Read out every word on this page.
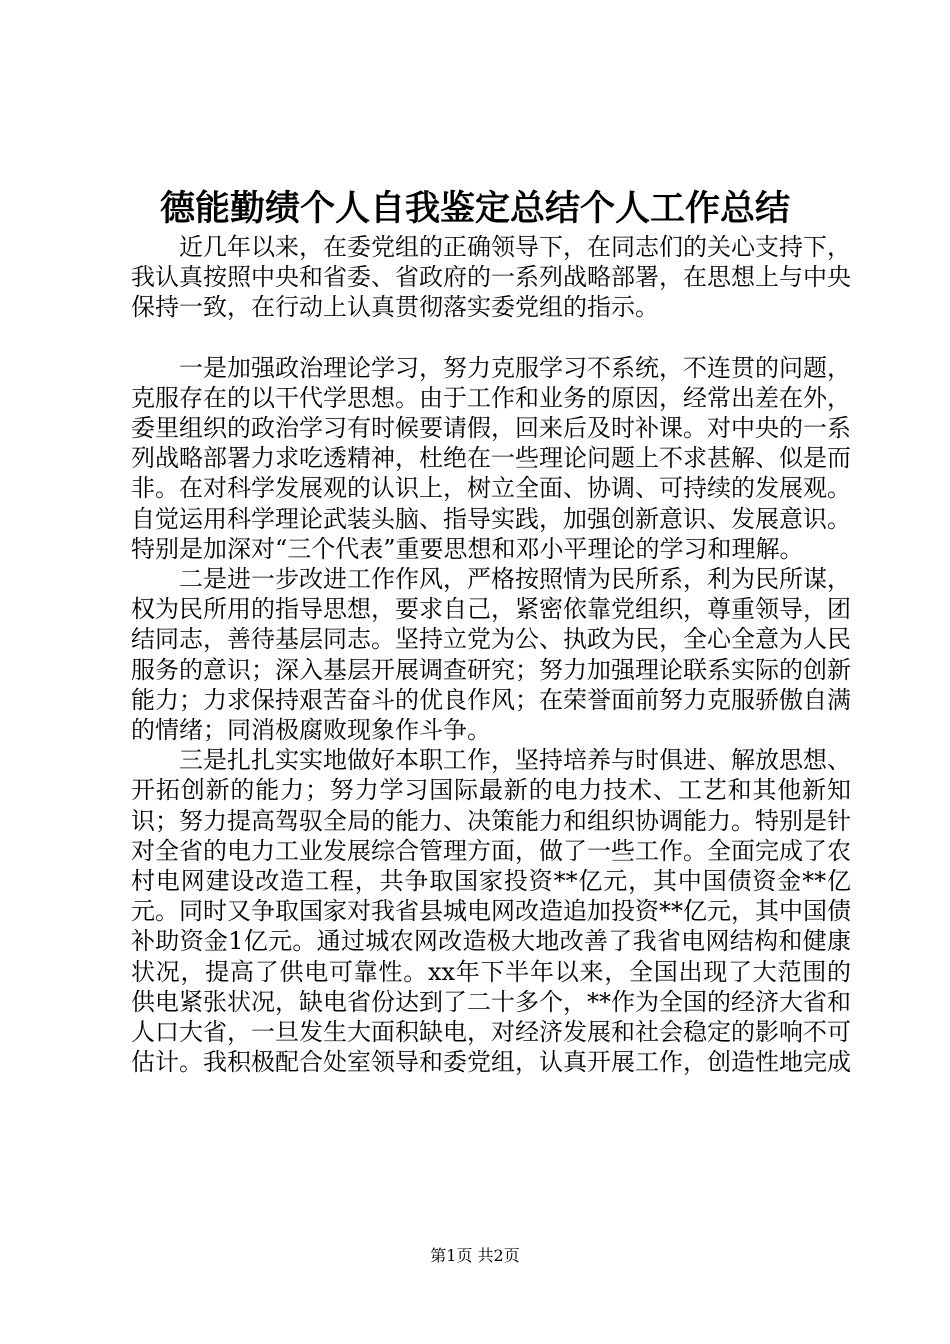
德能勤绩个人自我鉴定总结个人工作总结

近几年以来，在委党组的正确领导下，在同志们的关心支持下，我认真按照中央和省委、省政府的一系列战略部署，在思想上与中央保持一致，在行动上认真贯彻落实委党组的指示。

一是加强政治理论学习，努力克服学习不系统，不连贯的问题，克服存在的以干代学思想。由于工作和业务的原因，经常出差在外，委里组织的政治学习有时候要请假，回来后及时补课。对中央的一系列战略部署力求吃透精神，杜绝在一些理论问题上不求甚解、似是而非。在对科学发展观的认识上，树立全面、协调、可持续的发展观。自觉运用科学理论武装头脑、指导实践，加强创新意识、发展意识。特别是加深对“三个代表”重要思想和邓小平理论的学习和理解。

二是进一步改进工作作风，严格按照情为民所系，利为民所谋，权为民所用的指导思想，要求自己，紧密依靠党组织，尊重领导，团结同志，善待基层同志。坚持立党为公、执政为民，全心全意为人民服务的意识；深入基层开展调查研究；努力加强理论联系实际的创新能力；力求保持艰苦奋斗的优良作风；在荣誉面前努力克服骄傲自满的情绪；同消极腐败现象作斗争。

三是扎扎实实地做好本职工作，坚持培养与时俱进、解放思想、开拓创新的能力；努力学习国际最新的电力技术、工艺和其他新知识；努力提高驾驭全局的能力、决策能力和组织协调能力。特别是针对全省的电力工业发展综合管理方面，做了一些工作。全面完成了农村电网建设改造工程，共争取国家投资**亿元，其中国债资金**亿元。同时又争取国家对我省县城电网改造追加投资**亿元，其中国债补助资金1亿元。通过城农网改造极大地改善了我省电网结构和健康状况，提高了供电可靠性。xx年下半年以来，全国出现了大范围的供电紧张状况，缺电省份达到了二十多个，**作为全国的经济大省和人口大省，一旦发生大面积缺电，对经济发展和社会稳定的影响不可估计。我积极配合处室领导和委党组，认真开展工作，创造性地完成

第1页 共2页
